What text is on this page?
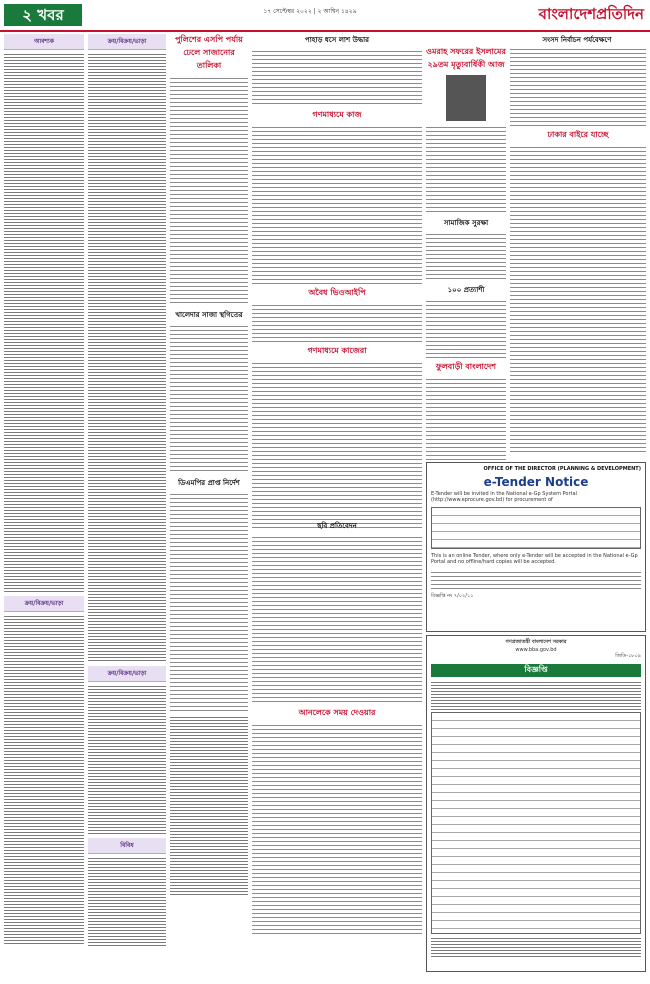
২ খবর	১৭ সেপ্টেম্বর ২০২২ | ২ আশ্বিন ১৪২৯	বাংলাদেশপ্রতিদিন
আবশ্যক
ক্রয়/বিক্রয়/ভাড়া
ক্রয়/বিক্রয়/ভাড়া
ক্রয়/বিক্রয়/ভাড়া
বিবিধ
পুলিশের এসপি পর্যায় ঢেলে সাজানোর তালিকা
খালেদার সাজা স্থগিতের
ডিএমপির প্রাপ্ত নির্দেশ
পাহাড় ধসে লাশ উদ্ধার
গণমাধ্যমে কাজ
অবৈধ ভিওআইপি
গণমাধ্যমে কাজেরা
ছবি প্রতিবেদন
আনলেকে সময় দেওয়ার
সংসদ নির্বাচন পর্যবেক্ষণে
ওমরাহ সফরের ইসলামের ২৯তম মৃত্যুবার্ষিকী আজ
সামাজিক সুরক্ষা
১০০ প্রত্যাশী
ফুলবাড়ী বাংলাদেশ
ঢাকার বাইরে যাচ্ছে
OFFICE OF THE DIRECTOR (PLANNING & DEVELOPMENT)
e-Tender Notice
E-Tender will be invited in the National e-Gp System Portal (http://www.eprocure.gov.bd) for procurement of
This is an online Tender, where only e-Tender will be accepted in the National e-Gp Portal and no offline/hard copies will be accepted.
বিজ্ঞপ্তি নং ৭/০২/১১
গণপ্রজাতন্ত্রী বাংলাদেশ সরকার
www.bba.gov.bd
জিডি-১৮০৯
বিজ্ঞপ্তি
